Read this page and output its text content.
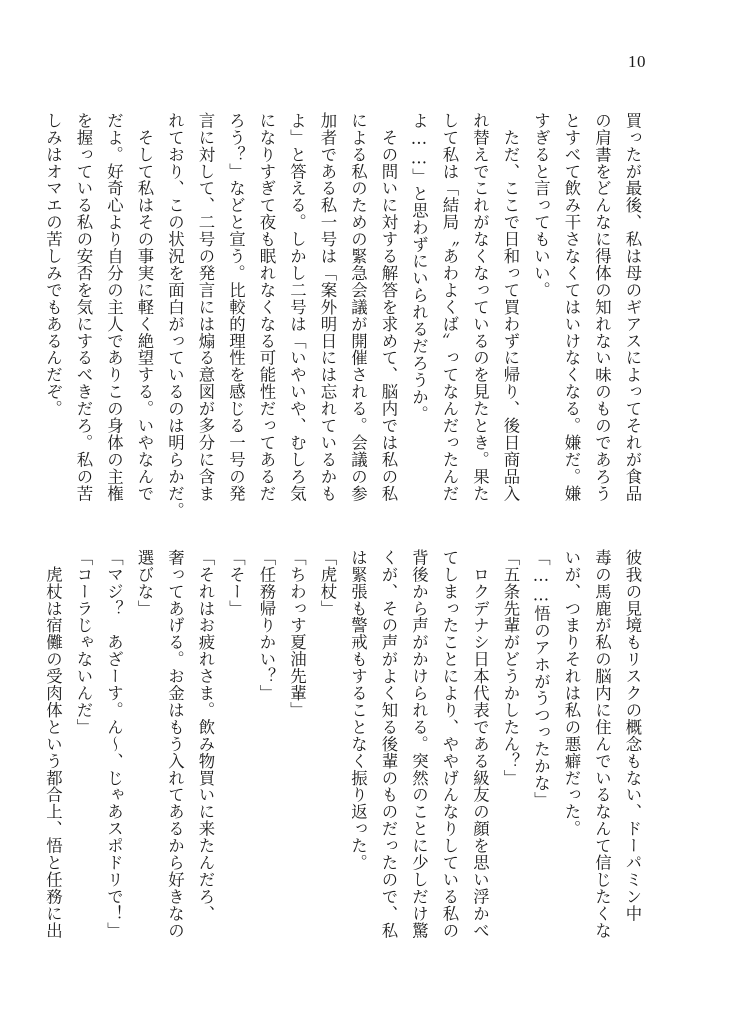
10
買ったが最後、私は母のギアスによってそれが食品
の肩書をどんなに得体の知れない味のものであろう
とすべて飲み干さなくてはいけなくなる。嫌だ。嫌
すぎると言ってもいい。
　ただ、ここで日和って買わずに帰り、後日商品入
れ替えでこれがなくなっているのを見たとき。果た
して私は「結局〝あわよくば〟ってなんだったんだ
よ……」と思わずにいられるだろうか。
　その問いに対する解答を求めて、脳内では私の私
による私のための緊急会議が開催される。会議の参
加者である私一号は「案外明日には忘れているかも
よ」と答える。しかし二号は「いやいや、むしろ気
になりすぎて夜も眠れなくなる可能性だってあるだ
ろう？」などと宣う。比較的理性を感じる一号の発
言に対して、二号の発言には煽る意図が多分に含ま
れており、この状況を面白がっているのは明らかだ。
　そして私はその事実に軽く絶望する。いやなんで
だよ。好奇心より自分の主人でありこの身体の主権
を握っている私の安否を気にするべきだろ。私の苦
しみはオマエの苦しみでもあるんだぞ。
彼我の見境もリスクの概念もない、ドーパミン中
毒の馬鹿が私の脳内に住んでいるなんて信じたくな
いが、つまりそれは私の悪癖だった。
「……悟のアホがうつったかな」
「五条先輩がどうかしたん？」
　ロクデナシ日本代表である級友の顔を思い浮かべ
てしまったことにより、ややげんなりしている私の
背後から声がかけられる。突然のことに少しだけ驚
くが、その声がよく知る後輩のものだったので、私
は緊張も警戒もすることなく振り返った。
「虎杖」
「ちわっす夏油先輩」
「任務帰りかい？」
「そー」
「それはお疲れさま。飲み物買いに来たんだろ、
奢ってあげる。お金はもう入れてあるから好きなの
選びな」
「マジ？　あざーす。ん〜、じゃあスポドリで！」
「コーラじゃないんだ」
　虎杖は宿儺の受肉体という都合上、悟と任務に出
